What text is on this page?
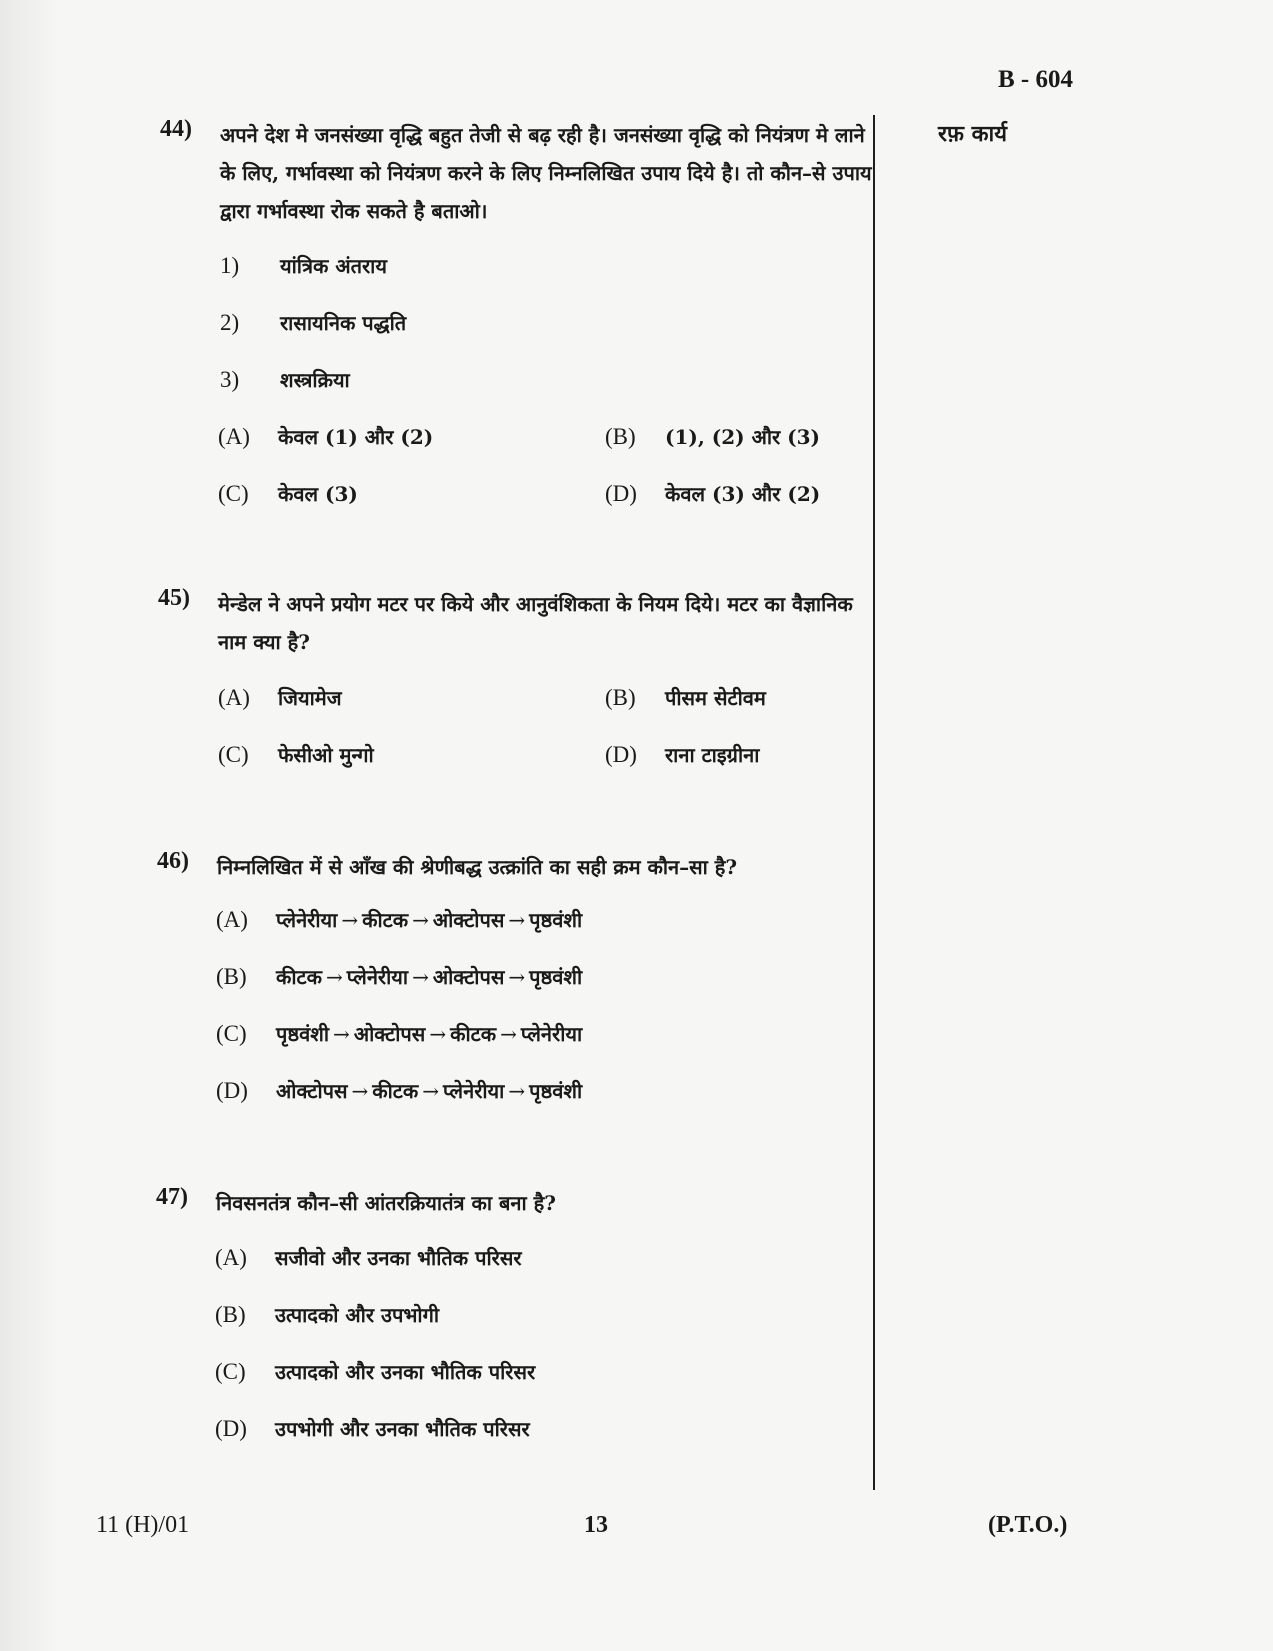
B - 604
रफ़ कार्य
44) अपने देश मे जनसंख्या वृद्धि बहुत तेजी से बढ़ रही है। जनसंख्या वृद्धि को नियंत्रण मे लाने के लिए, गर्भावस्था को नियंत्रण करने के लिए निम्नलिखित उपाय दिये है। तो कौन–से उपाय द्वारा गर्भावस्था रोक सकते है बताओ।
1) यांत्रिक अंतराय
2) रासायनिक पद्धति
3) शस्त्रक्रिया
(A) केवल (1) और (2)	(B) (1), (2) और (3)
(C) केवल (3)	(D) केवल (3) और (2)
45) मेन्डेल ने अपने प्रयोग मटर पर किये और आनुवंशिकता के नियम दिये। मटर का वैज्ञानिक नाम क्या है?
(A) जियामेज	(B) पीसम सेटीवम
(C) फेसीओ मुन्गो	(D) राना टाइग्रीना
46) निम्नलिखित में से आँख की श्रेणीबद्ध उत्क्रांति का सही क्रम कौन–सा है?
(A) प्लेनेरीया → कीटक → ओक्टोपस → पृष्ठवंशी
(B) कीटक → प्लेनेरीया → ओक्टोपस → पृष्ठवंशी
(C) पृष्ठवंशी → ओक्टोपस → कीटक → प्लेनेरीया
(D) ओक्टोपस → कीटक → प्लेनेरीया → पृष्ठवंशी
47) निवसनतंत्र कौन–सी आंतरक्रियातंत्र का बना है?
(A) सजीवो और उनका भौतिक परिसर
(B) उत्पादको और उपभोगी
(C) उत्पादको और उनका भौतिक परिसर
(D) उपभोगी और उनका भौतिक परिसर
11 (H)/01	13	(P.T.O.)
